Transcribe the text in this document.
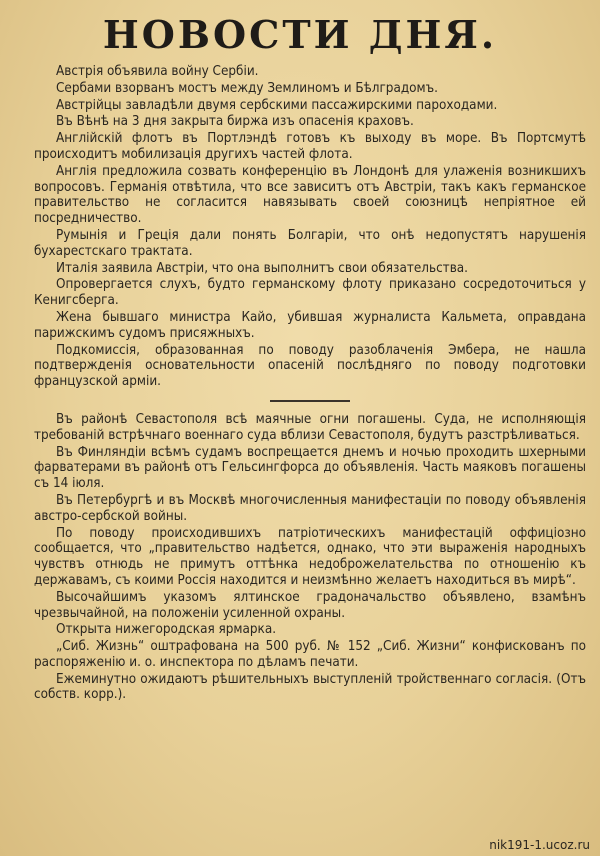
НОВОСТИ ДНЯ.

Австрія объявила войну Сербіи.

Сербами взорванъ мостъ между Землиномъ и Бѣлградомъ.

Австрійцы завладѣли двумя сербскими пассажирскими пароходами.

Въ Вѣнѣ на 3 дня закрыта биржа изъ опасенія краховъ.

Англійскій флотъ въ Портлэндѣ готовъ къ выходу въ море. Въ Портсмутѣ происходитъ мобилизація другихъ частей флота.

Англія предложила созвать конференцію въ Лондонѣ для улаженія возникшихъ вопросовъ. Германія отвѣтила, что все зависитъ отъ Австріи, такъ какъ германское правительство не согласится навязывать своей союзницѣ непріятное ей посредничество.

Румынія и Греція дали понять Болгаріи, что онѣ недопустятъ нарушенія бухарестскаго трактата.

Италія заявила Австріи, что она выполнитъ свои обязательства.

Опровергается слухъ, будто германскому флоту приказано сосредоточиться у Кенигсберга.

Жена бывшаго министра Кайо, убившая журналиста Кальмета, оправдана парижскимъ судомъ присяжныхъ.

Подкомиссія, образованная по поводу разоблаченія Эмбера, не нашла подтвержденія основательности опасеній послѣдняго по поводу подготовки французской арміи.

Въ районѣ Севастополя всѣ маячные огни погашены. Суда, не исполняющія требованій встрѣчнаго военнаго суда вблизи Севастополя, будутъ разстрѣливаться.

Въ Финляндіи всѣмъ судамъ воспрещается днемъ и ночью проходить шхерными фарватерами въ районѣ отъ Гельсингфорса до объявленія. Часть маяковъ погашены съ 14 іюля.

Въ Петербургѣ и въ Москвѣ многочисленныя манифестаціи по поводу объявленія австро-сербской войны.

По поводу происходившихъ патріотическихъ манифестацій оффиціозно сообщается, что „правительство надѣется, однако, что эти выраженія народныхъ чувствъ отнюдь не примутъ оттѣнка недоброжелательства по отношенію къ державамъ, съ коими Россія находится и неизмѣнно желаетъ находиться въ мирѣ“.

Высочайшимъ указомъ ялтинское градоначальство объявлено, взамѣнъ чрезвычайной, на положеніи усиленной охраны.

Открыта нижегородская ярмарка.

„Сиб. Жизнь“ оштрафована на 500 руб. № 152 „Сиб. Жизни“ конфискованъ по распоряженію и. о. инспектора по дѣламъ печати.

Ежеминутно ожидаютъ рѣшительныхъ выступленій тройственнаго согласія. (Отъ собств. корр.).

nik191-1.ucoz.ru
